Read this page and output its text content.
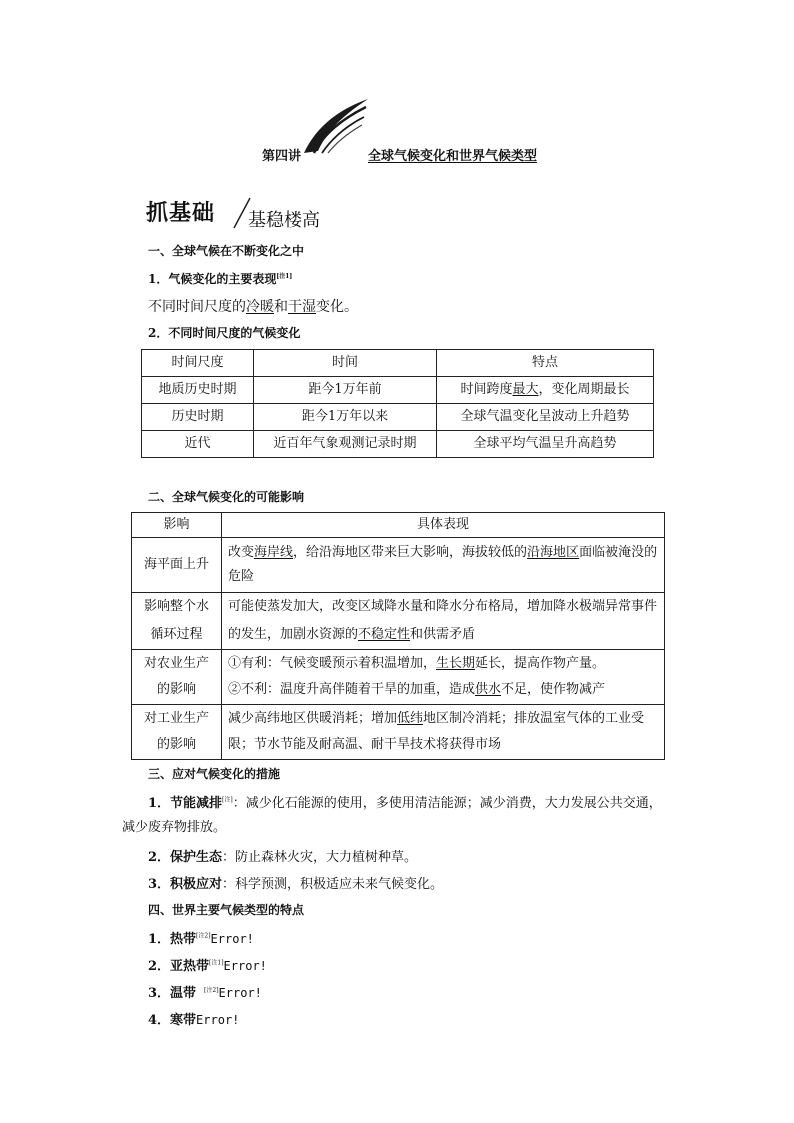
第四讲	全球气候变化和世界气候类型
抓基础 基稳楼高
一、全球气候在不断变化之中
1．气候变化的主要表现[注1]
不同时间尺度的冷暖和干湿变化。
2．不同时间尺度的气候变化
时间尺度	时间	特点
地质历史时期	距今1万年前	时间跨度最大，变化周期最长
历史时期	距今1万年以来	全球气温变化呈波动上升趋势
近代	近百年气象观测记录时期	全球平均气温呈升高趋势
二、全球气候变化的可能影响
影响	具体表现
海平面上升	改变海岸线，给沿海地区带来巨大影响，海拔较低的沿海地区面临被淹没的危险
影响整个水循环过程	可能使蒸发加大，改变区域降水量和降水分布格局，增加降水极端异常事件的发生，加剧水资源的不稳定性和供需矛盾
对农业生产的影响	①有利：气候变暖预示着积温增加，生长期延长，提高作物产量。
②不利：温度升高伴随着干旱的加重，造成供水不足，使作物减产

对工业生产的影响	减少高纬地区供暖消耗；增加低纬地区制冷消耗；排放温室气体的工业受限；节水节能及耐高温、耐干旱技术将获得市场
三、应对气候变化的措施
1．节能减排[注]：减少化石能源的使用，多使用清洁能源；减少消费，大力发展公共交通，减少废弃物排放。
2．保护生态：防止森林火灾，大力植树种草。
3．积极应对：科学预测，积极适应未来气候变化。
四、世界主要气候类型的特点
1．热带[注2]Error!
2．亚热带[注1]Error!
3．温带 [注2]Error!
4．寒带Error!
